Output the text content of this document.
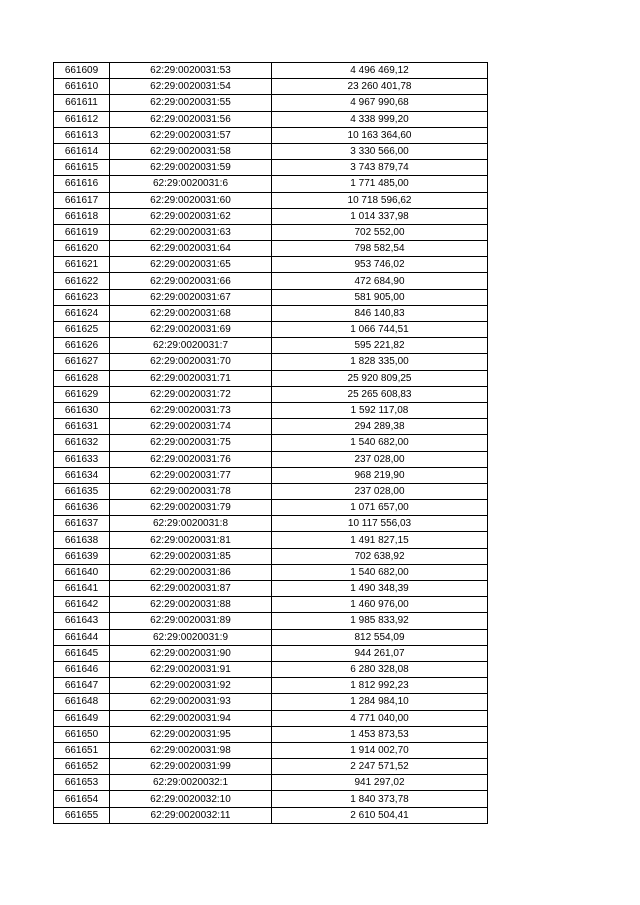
661609	62:29:0020031:53	4 496 469,12
661610	62:29:0020031:54	23 260 401,78
661611	62:29:0020031:55	4 967 990,68
661612	62:29:0020031:56	4 338 999,20
661613	62:29:0020031:57	10 163 364,60
661614	62:29:0020031:58	3 330 566,00
661615	62:29:0020031:59	3 743 879,74
661616	62:29:0020031:6	1 771 485,00
661617	62:29:0020031:60	10 718 596,62
661618	62:29:0020031:62	1 014 337,98
661619	62:29:0020031:63	702 552,00
661620	62:29:0020031:64	798 582,54
661621	62:29:0020031:65	953 746,02
661622	62:29:0020031:66	472 684,90
661623	62:29:0020031:67	581 905,00
661624	62:29:0020031:68	846 140,83
661625	62:29:0020031:69	1 066 744,51
661626	62:29:0020031:7	595 221,82
661627	62:29:0020031:70	1 828 335,00
661628	62:29:0020031:71	25 920 809,25
661629	62:29:0020031:72	25 265 608,83
661630	62:29:0020031:73	1 592 117,08
661631	62:29:0020031:74	294 289,38
661632	62:29:0020031:75	1 540 682,00
661633	62:29:0020031:76	237 028,00
661634	62:29:0020031:77	968 219,90
661635	62:29:0020031:78	237 028,00
661636	62:29:0020031:79	1 071 657,00
661637	62:29:0020031:8	10 117 556,03
661638	62:29:0020031:81	1 491 827,15
661639	62:29:0020031:85	702 638,92
661640	62:29:0020031:86	1 540 682,00
661641	62:29:0020031:87	1 490 348,39
661642	62:29:0020031:88	1 460 976,00
661643	62:29:0020031:89	1 985 833,92
661644	62:29:0020031:9	812 554,09
661645	62:29:0020031:90	944 261,07
661646	62:29:0020031:91	6 280 328,08
661647	62:29:0020031:92	1 812 992,23
661648	62:29:0020031:93	1 284 984,10
661649	62:29:0020031:94	4 771 040,00
661650	62:29:0020031:95	1 453 873,53
661651	62:29:0020031:98	1 914 002,70
661652	62:29:0020031:99	2 247 571,52
661653	62:29:0020032:1	941 297,02
661654	62:29:0020032:10	1 840 373,78
661655	62:29:0020032:11	2 610 504,41
